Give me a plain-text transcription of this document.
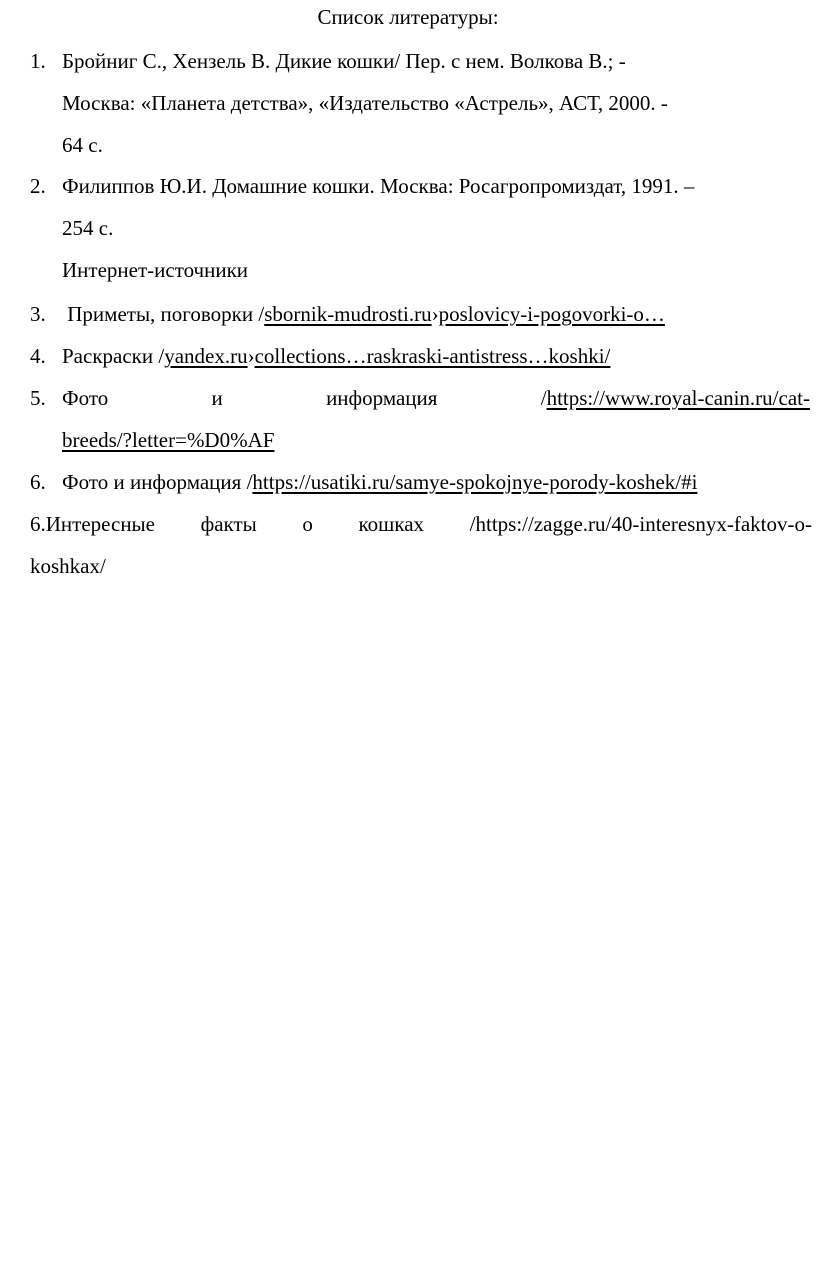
Список литературы:
1. Бройниг С., Хензель В. Дикие кошки/ Пер. с нем. Волкова В.; -
Москва: «Планета детства», «Издательство «Астрель», АСТ, 2000. -
64 с.
2. Филиппов Ю.И. Домашние кошки. Москва: Росагропромиздат, 1991. –
254 с.
Интернет-источники
3. Приметы, поговорки /sbornik-mudrosti.ru›poslovicy-i-pogovorki-o…
4. Раскраски /yandex.ru›collections…raskraski-antistress…koshki/
5. Фото	и	информация	/https://www.royal-canin.ru/cat-
breeds/?letter=%D0%AF
6. Фото и информация /https://usatiki.ru/samye-spokojnye-porody-koshek/#i
6.Интересные факты о кошках /https://zagge.ru/40-interesnyx-faktov-o-
koshkax/
